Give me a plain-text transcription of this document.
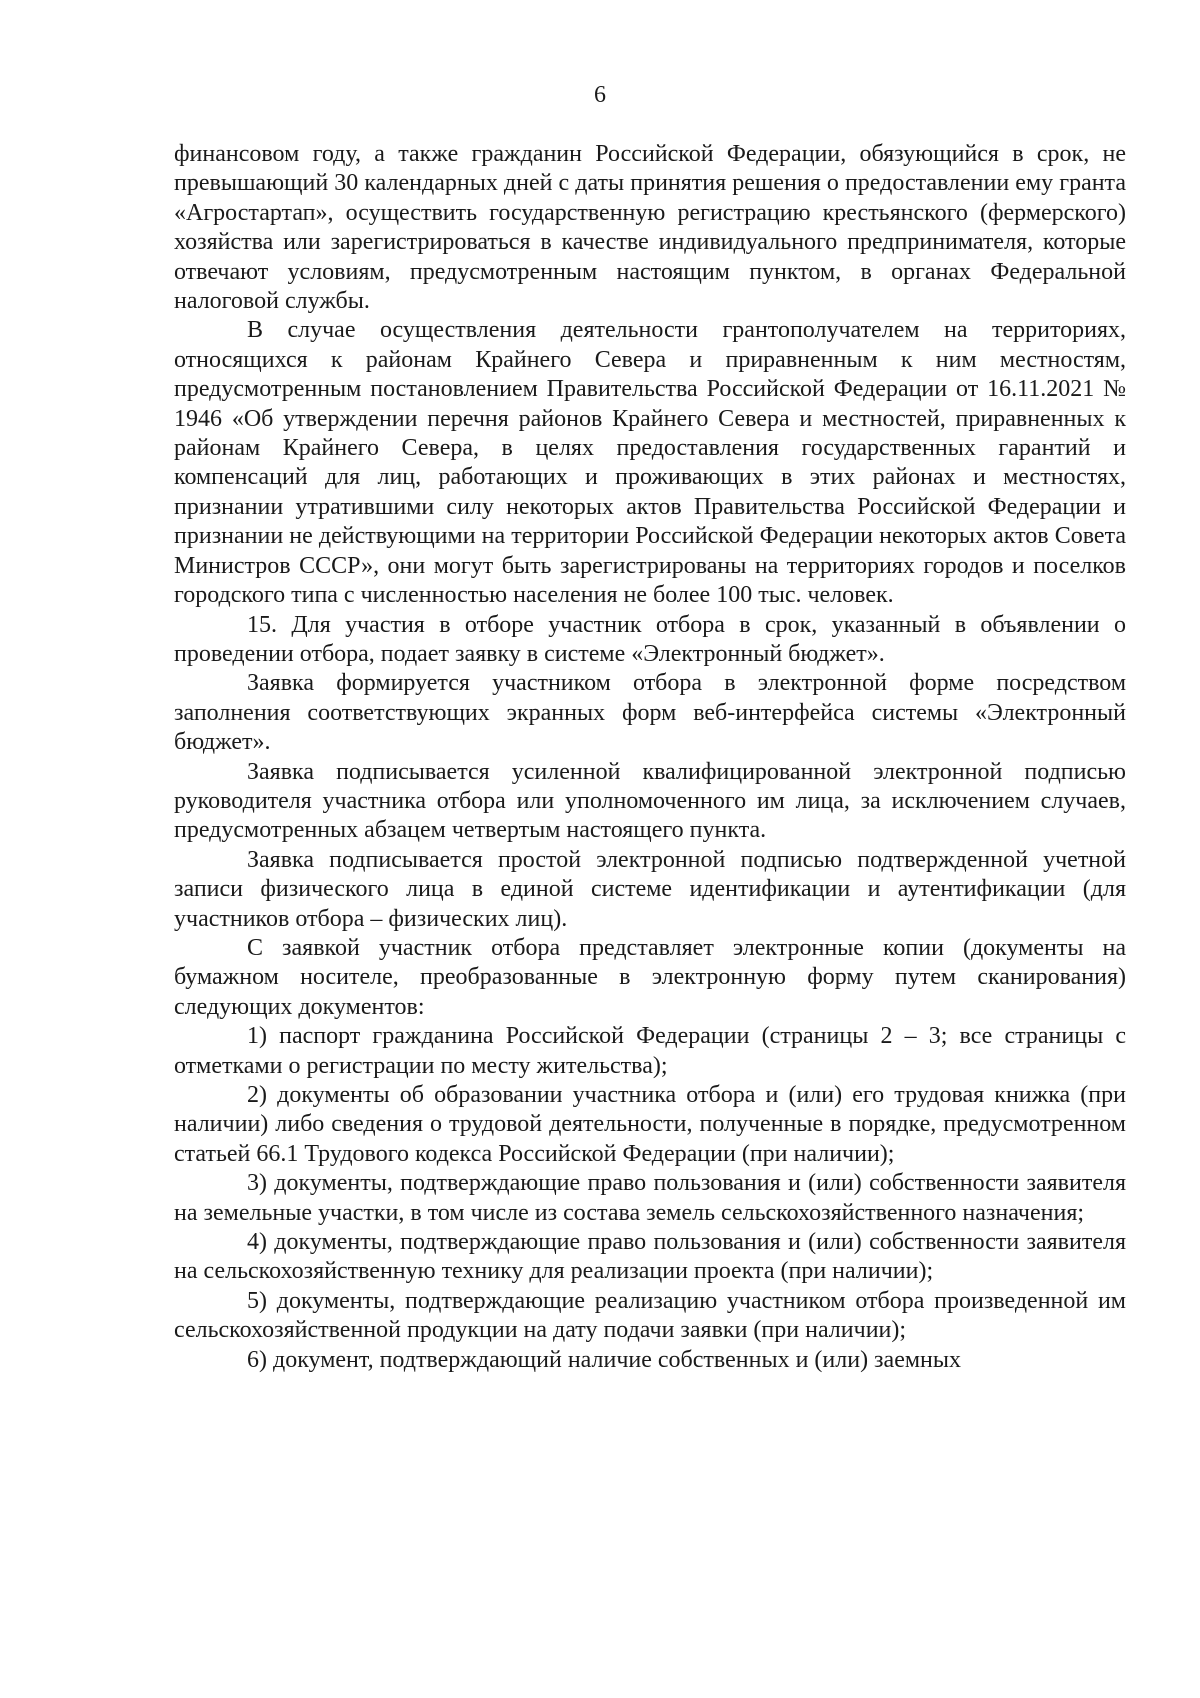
6

финансовом году, а также гражданин Российской Федерации, обязующийся в срок, не превышающий 30 календарных дней с даты принятия решения о предоставлении ему гранта «Агростартап», осуществить государственную регистрацию крестьянского (фермерского) хозяйства или зарегистрироваться в качестве индивидуального предпринимателя, которые отвечают условиям, предусмотренным настоящим пунктом, в органах Федеральной налоговой службы.

В случае осуществления деятельности грантополучателем на территориях, относящихся к районам Крайнего Севера и приравненным к ним местностям, предусмотренным постановлением Правительства Российской Федерации от 16.11.2021 № 1946 «Об утверждении перечня районов Крайнего Севера и местностей, приравненных к районам Крайнего Севера, в целях предоставления государственных гарантий и компенсаций для лиц, работающих и проживающих в этих районах и местностях, признании утратившими силу некоторых актов Правительства Российской Федерации и признании не действующими на территории Российской Федерации некоторых актов Совета Министров СССР», они могут быть зарегистрированы на территориях городов и поселков городского типа с численностью населения не более 100 тыс. человек.

15. Для участия в отборе участник отбора в срок, указанный в объявлении о проведении отбора, подает заявку в системе «Электронный бюджет».

Заявка формируется участником отбора в электронной форме посредством заполнения соответствующих экранных форм веб-интерфейса системы «Электронный бюджет».

Заявка подписывается усиленной квалифицированной электронной подписью руководителя участника отбора или уполномоченного им лица, за исключением случаев, предусмотренных абзацем четвертым настоящего пункта.

Заявка подписывается простой электронной подписью подтвержденной учетной записи физического лица в единой системе идентификации и аутентификации (для участников отбора – физических лиц).

С заявкой участник отбора представляет электронные копии (документы на бумажном носителе, преобразованные в электронную форму путем сканирования) следующих документов:

1) паспорт гражданина Российской Федерации (страницы 2 – 3; все страницы с отметками о регистрации по месту жительства);

2) документы об образовании участника отбора и (или) его трудовая книжка (при наличии) либо сведения о трудовой деятельности, полученные в порядке, предусмотренном статьей 66.1 Трудового кодекса Российской Федерации (при наличии);

3) документы, подтверждающие право пользования и (или) собственности заявителя на земельные участки, в том числе из состава земель сельскохозяйственного назначения;

4) документы, подтверждающие право пользования и (или) собственности заявителя на сельскохозяйственную технику для реализации проекта (при наличии);

5) документы, подтверждающие реализацию участником отбора произведенной им сельскохозяйственной продукции на дату подачи заявки (при наличии);

6) документ, подтверждающий наличие собственных и (или) заемных
